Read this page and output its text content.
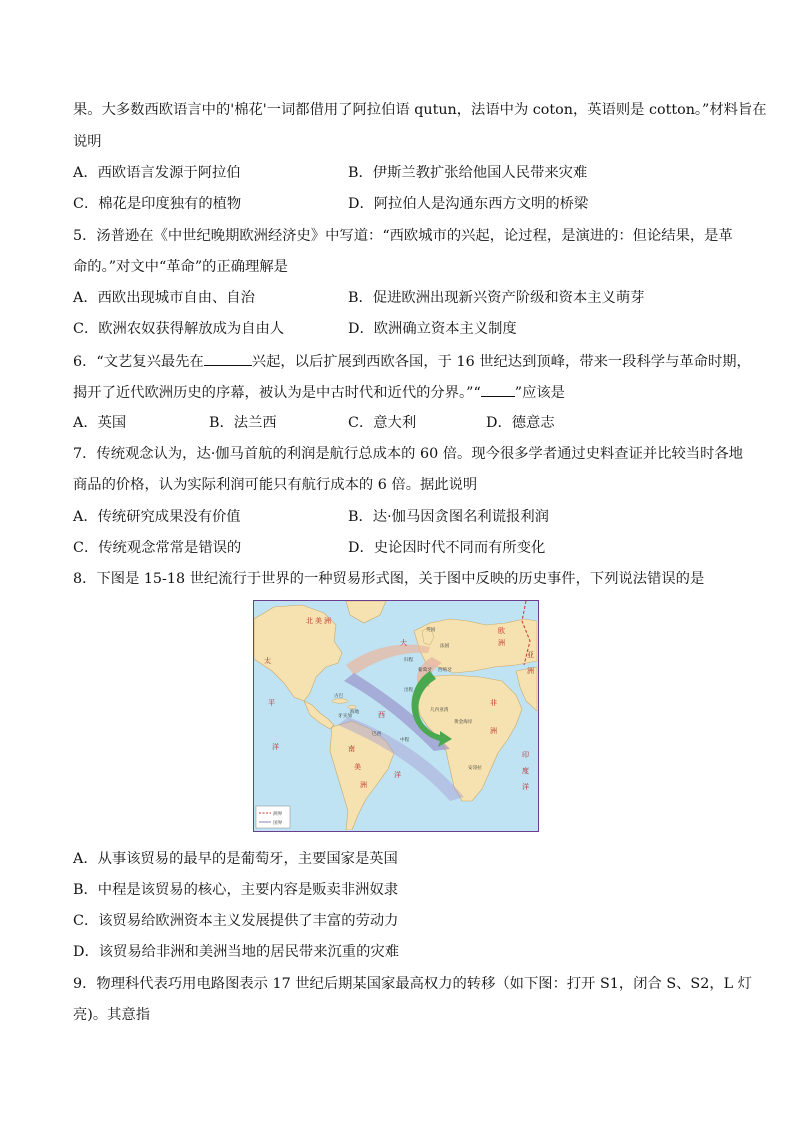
果。大多数西欧语言中的'棉花'一词都借用了阿拉伯语 qutun，法语中为 coton，英语则是 cotton。”材料旨在
说明
A．西欧语言发源于阿拉伯	B．伊斯兰教扩张给他国人民带来灾难
C．棉花是印度独有的植物	D．阿拉伯人是沟通东西方文明的桥梁
5．汤普逊在《中世纪晚期欧洲经济史》中写道：“西欧城市的兴起，论过程，是演进的：但论结果，是革
命的。”对文中“革命”的正确理解是
A．西欧出现城市自由、自治	B．促进欧洲出现新兴资产阶级和资本主义萌芽
C．欧洲农奴获得解放成为自由人	D．欧洲确立资本主义制度
6．“文艺复兴最先在	兴起，以后扩展到西欧各国，于 16 世纪达到顶峰，带来一段科学与革命时期，
揭开了近代欧洲历史的序幕，被认为是中古时代和近代的分界。”“ ”应该是
A．英国	B．法兰西	C．意大利	D．德意志
7．传统观念认为，达·伽马首航的利润是航行总成本的 60 倍。现今很多学者通过史料查证并比较当时各地
商品的价格，认为实际利润可能只有航行成本的 6 倍。据此说明
A．传统研究成果没有价值	B．达·伽马因贪图名利谎报利润
C．传统观念常常是错误的	D．史论因时代不同而有所变化
8．下图是 15-18 世纪流行于世界的一种贸易形式图，关于图中反映的历史事件，下列说法错误的是
北 美 洲
南
美
洲
非
洲
欧
洲
亚
洲
大
西
洋
太
平
洋
印
度
洋
归程
出程
中程
英国
法国
葡萄牙 西班牙
几内亚湾
黄金海岸
安哥拉
古巴
海地
牙买加
巴西
洲界
国界
A．从事该贸易的最早的是葡萄牙，主要国家是英国
B．中程是该贸易的核心，主要内容是贩卖非洲奴隶
C．该贸易给欧洲资本主义发展提供了丰富的劳动力
D．该贸易给非洲和美洲当地的居民带来沉重的灾难
9．物理科代表巧用电路图表示 17 世纪后期某国家最高权力的转移（如下图：打开 S1，闭合 S、S2，L 灯
亮)。其意指
